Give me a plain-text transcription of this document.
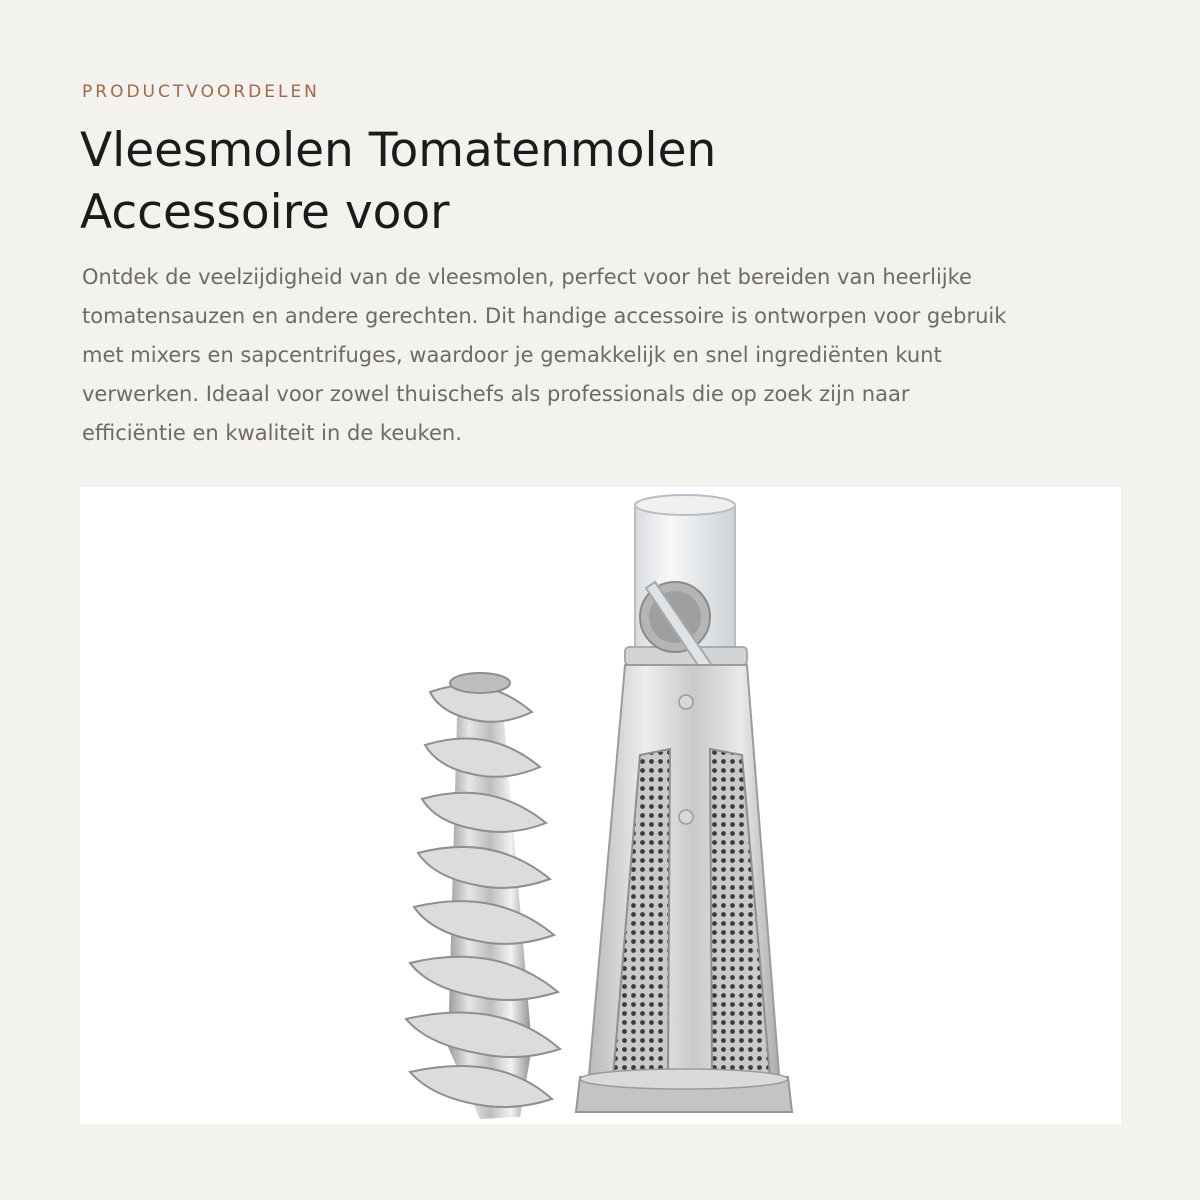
PRODUCTVOORDELEN
Vleesmolen Tomatenmolen
Accessoire voor

Ontdek de veelzijdigheid van de vleesmolen, perfect voor het bereiden van heerlijke
tomatensauzen en andere gerechten. Dit handige accessoire is ontworpen voor gebruik
met mixers en sapcentrifuges, waardoor je gemakkelijk en snel ingrediënten kunt
verwerken. Ideaal voor zowel thuischefs als professionals die op zoek zijn naar
efficiëntie en kwaliteit in de keuken.
